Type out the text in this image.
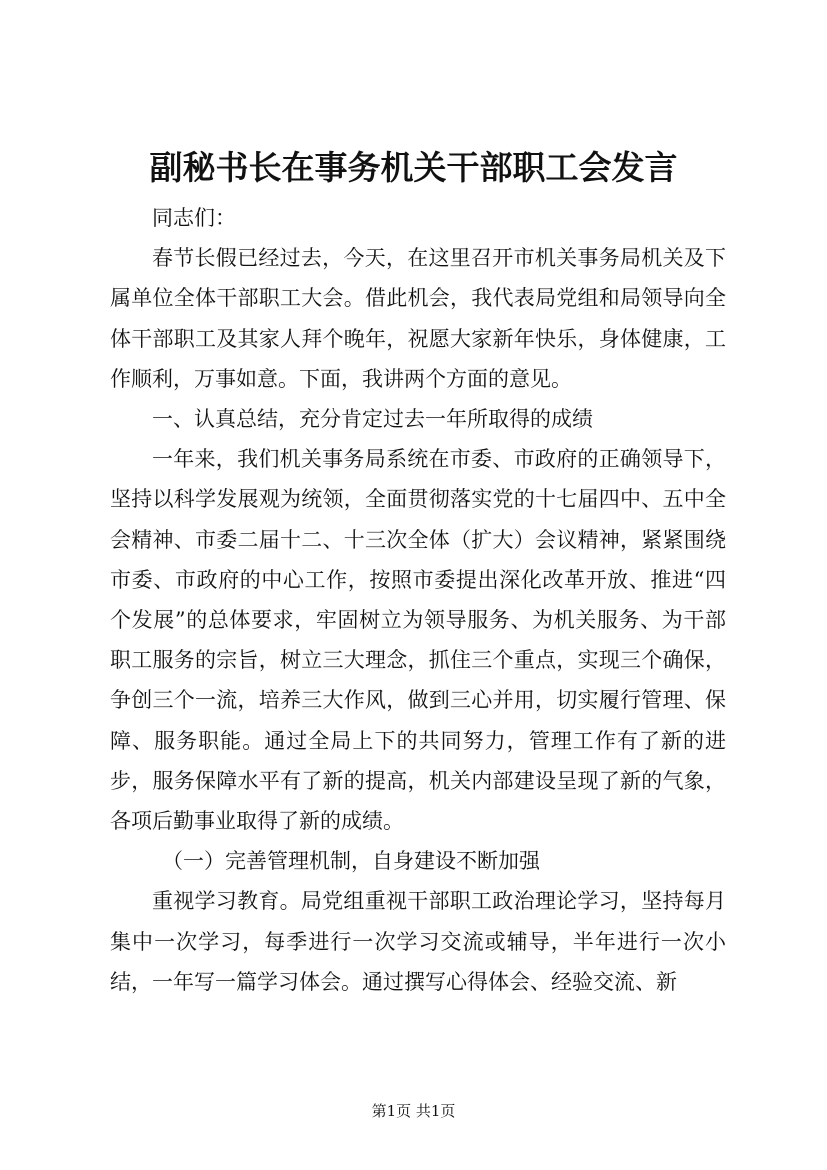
副秘书长在事务机关干部职工会发言

同志们：

春节长假已经过去，今天，在这里召开市机关事务局机关及下属单位全体干部职工大会。借此机会，我代表局党组和局领导向全体干部职工及其家人拜个晚年，祝愿大家新年快乐，身体健康，工作顺利，万事如意。下面，我讲两个方面的意见。

一、认真总结，充分肯定过去一年所取得的成绩

一年来，我们机关事务局系统在市委、市政府的正确领导下，坚持以科学发展观为统领，全面贯彻落实党的十七届四中、五中全会精神、市委二届十二、十三次全体（扩大）会议精神，紧紧围绕市委、市政府的中心工作，按照市委提出深化改革开放、推进“四个发展”的总体要求，牢固树立为领导服务、为机关服务、为干部职工服务的宗旨，树立三大理念，抓住三个重点，实现三个确保，争创三个一流，培养三大作风，做到三心并用，切实履行管理、保障、服务职能。通过全局上下的共同努力，管理工作有了新的进步，服务保障水平有了新的提高，机关内部建设呈现了新的气象，各项后勤事业取得了新的成绩。

（一）完善管理机制，自身建设不断加强

重视学习教育。局党组重视干部职工政治理论学习，坚持每月集中一次学习，每季进行一次学习交流或辅导，半年进行一次小结，一年写一篇学习体会。通过撰写心得体会、经验交流、新

第1页 共1页
